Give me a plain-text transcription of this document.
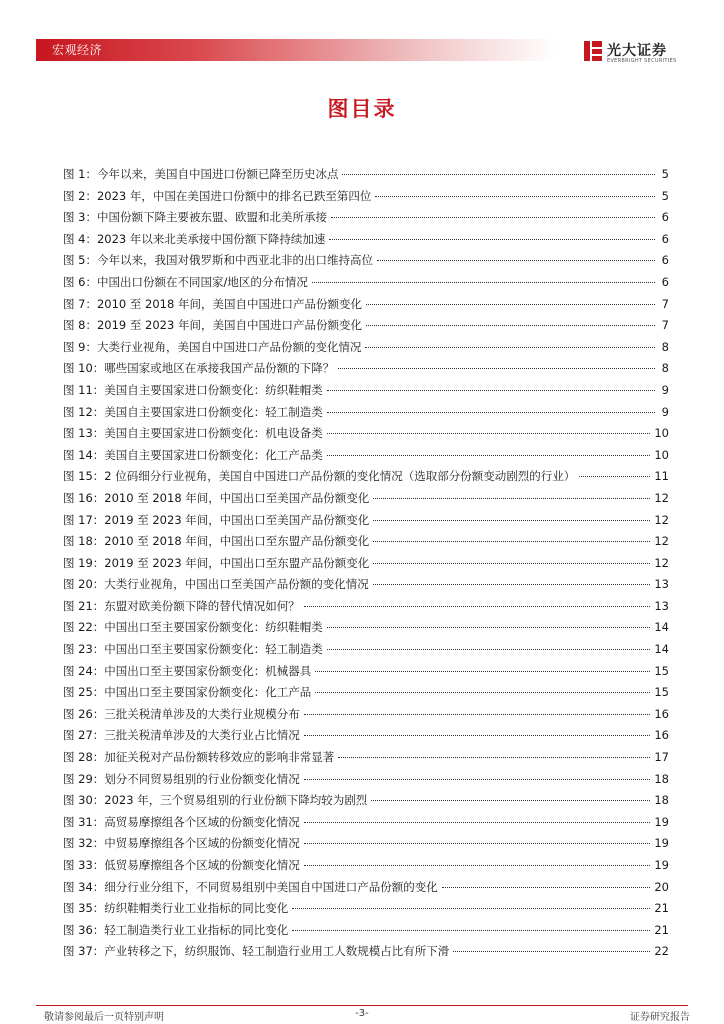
宏观经济	光大证券
EVERBRIGHT SECURITIES
图目录
图 1：今年以来，美国自中国进口份额已降至历史冰点	5
图 2：2023 年，中国在美国进口份额中的排名已跌至第四位	5
图 3：中国份额下降主要被东盟、欧盟和北美所承接	6
图 4：2023 年以来北美承接中国份额下降持续加速	6
图 5：今年以来，我国对俄罗斯和中西亚北非的出口维持高位	6
图 6：中国出口份额在不同国家/地区的分布情况	6
图 7：2010 至 2018 年间，美国自中国进口产品份额变化	7
图 8：2019 至 2023 年间，美国自中国进口产品份额变化	7
图 9：大类行业视角，美国自中国进口产品份额的变化情况	8
图 10：哪些国家或地区在承接我国产品份额的下降？	8
图 11：美国自主要国家进口份额变化：纺织鞋帽类	9
图 12：美国自主要国家进口份额变化：轻工制造类	9
图 13：美国自主要国家进口份额变化：机电设备类	10
图 14：美国自主要国家进口份额变化：化工产品类	10
图 15：2 位码细分行业视角，美国自中国进口产品份额的变化情况（选取部分份额变动剧烈的行业）	11
图 16：2010 至 2018 年间，中国出口至美国产品份额变化	12
图 17：2019 至 2023 年间，中国出口至美国产品份额变化	12
图 18：2010 至 2018 年间，中国出口至东盟产品份额变化	12
图 19：2019 至 2023 年间，中国出口至东盟产品份额变化	12
图 20：大类行业视角，中国出口至美国产品份额的变化情况	13
图 21：东盟对欧美份额下降的替代情况如何？	13
图 22：中国出口至主要国家份额变化：纺织鞋帽类	14
图 23：中国出口至主要国家份额变化：轻工制造类	14
图 24：中国出口至主要国家份额变化：机械器具	15
图 25：中国出口至主要国家份额变化：化工产品	15
图 26：三批关税清单涉及的大类行业规模分布	16
图 27：三批关税清单涉及的大类行业占比情况	16
图 28：加征关税对产品份额转移效应的影响非常显著	17
图 29：划分不同贸易组别的行业份额变化情况	18
图 30：2023 年，三个贸易组别的行业份额下降均较为剧烈	18
图 31：高贸易摩擦组各个区域的份额变化情况	19
图 32：中贸易摩擦组各个区域的份额变化情况	19
图 33：低贸易摩擦组各个区域的份额变化情况	19
图 34：细分行业分组下，不同贸易组别中美国自中国进口产品份额的变化	20
图 35：纺织鞋帽类行业工业指标的同比变化	21
图 36：轻工制造类行业工业指标的同比变化	21
图 37：产业转移之下，纺织服饰、轻工制造行业用工人数规模占比有所下滑	22
敬请参阅最后一页特别声明	-3-	证券研究报告
